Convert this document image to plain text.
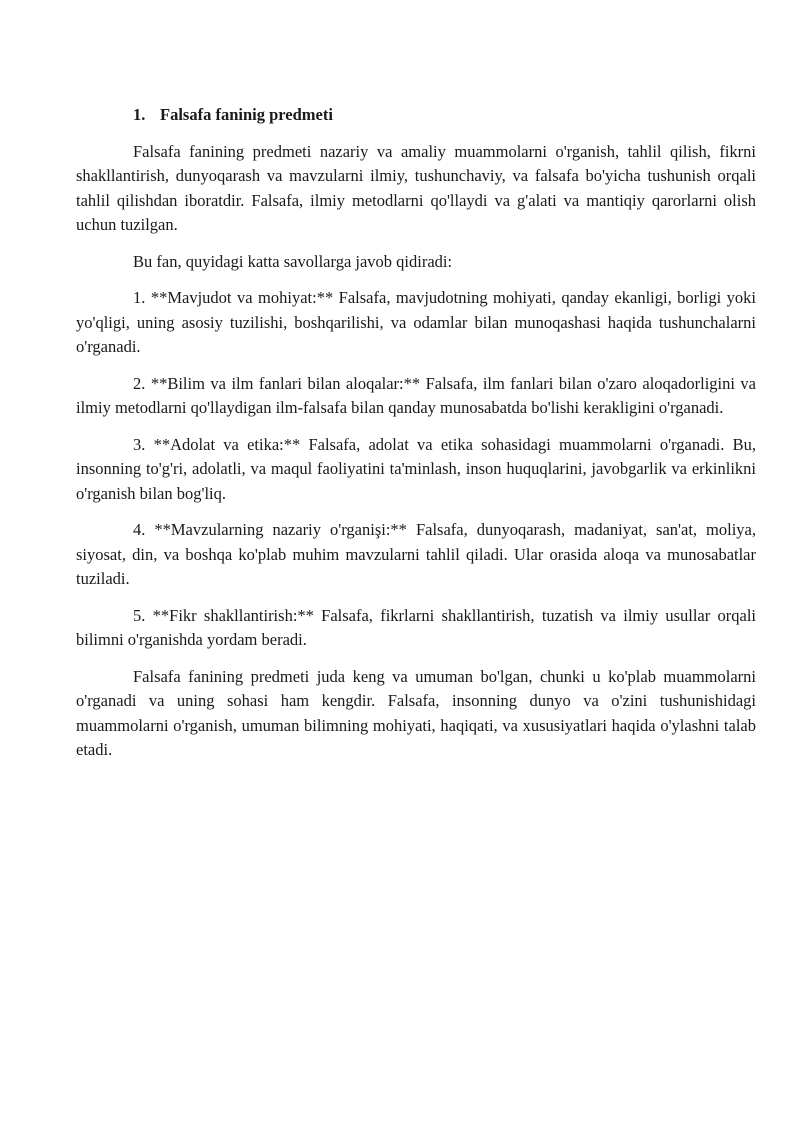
1. Falsafa faninig predmeti

Falsafa fanining predmeti nazariy va amaliy muammolarni o'rganish, tahlil qilish, fikrni shakllantirish, dunyoqarash va mavzularni ilmiy, tushunchaviy, va falsafa bo'yicha tushunish orqali tahlil qilishdan iboratdir. Falsafa, ilmiy metodlarni qo'llaydi va g'alati va mantiqiy qarorlarni olish uchun tuzilgan.

Bu fan, quyidagi katta savollarga javob qidiradi:

1. **Mavjudot va mohiyat:** Falsafa, mavjudotning mohiyati, qanday ekanligi, borligi yoki yo'qligi, uning asosiy tuzilishi, boshqarilishi, va odamlar bilan munoqashasi haqida tushunchalarni o'rganadi.

2. **Bilim va ilm fanlari bilan aloqalar:** Falsafa, ilm fanlari bilan o'zaro aloqadorligini va ilmiy metodlarni qo'llaydigan ilm-falsafa bilan qanday munosabatda bo'lishi kerakligini o'rganadi.

3. **Adolat va etika:** Falsafa, adolat va etika sohasidagi muammolarni o'rganadi. Bu, insonning to'g'ri, adolatli, va maqul faoliyatini ta'minlash, inson huquqlarini, javobgarlik va erkinlikni o'rganish bilan bog'liq.

4. **Mavzularning nazariy o'rganişi:** Falsafa, dunyoqarash, madaniyat, san'at, moliya, siyosat, din, va boshqa ko'plab muhim mavzularni tahlil qiladi. Ular orasida aloqa va munosabatlar tuziladi.

5. **Fikr shakllantirish:** Falsafa, fikrlarni shakllantirish, tuzatish va ilmiy usullar orqali bilimni o'rganishda yordam beradi.

Falsafa fanining predmeti juda keng va umuman bo'lgan, chunki u ko'plab muammolarni o'rganadi va uning sohasi ham kengdir. Falsafa, insonning dunyo va o'zini tushunishidagi muammolarni o'rganish, umuman bilimning mohiyati, haqiqati, va xususiyatlari haqida o'ylashni talab etadi.
